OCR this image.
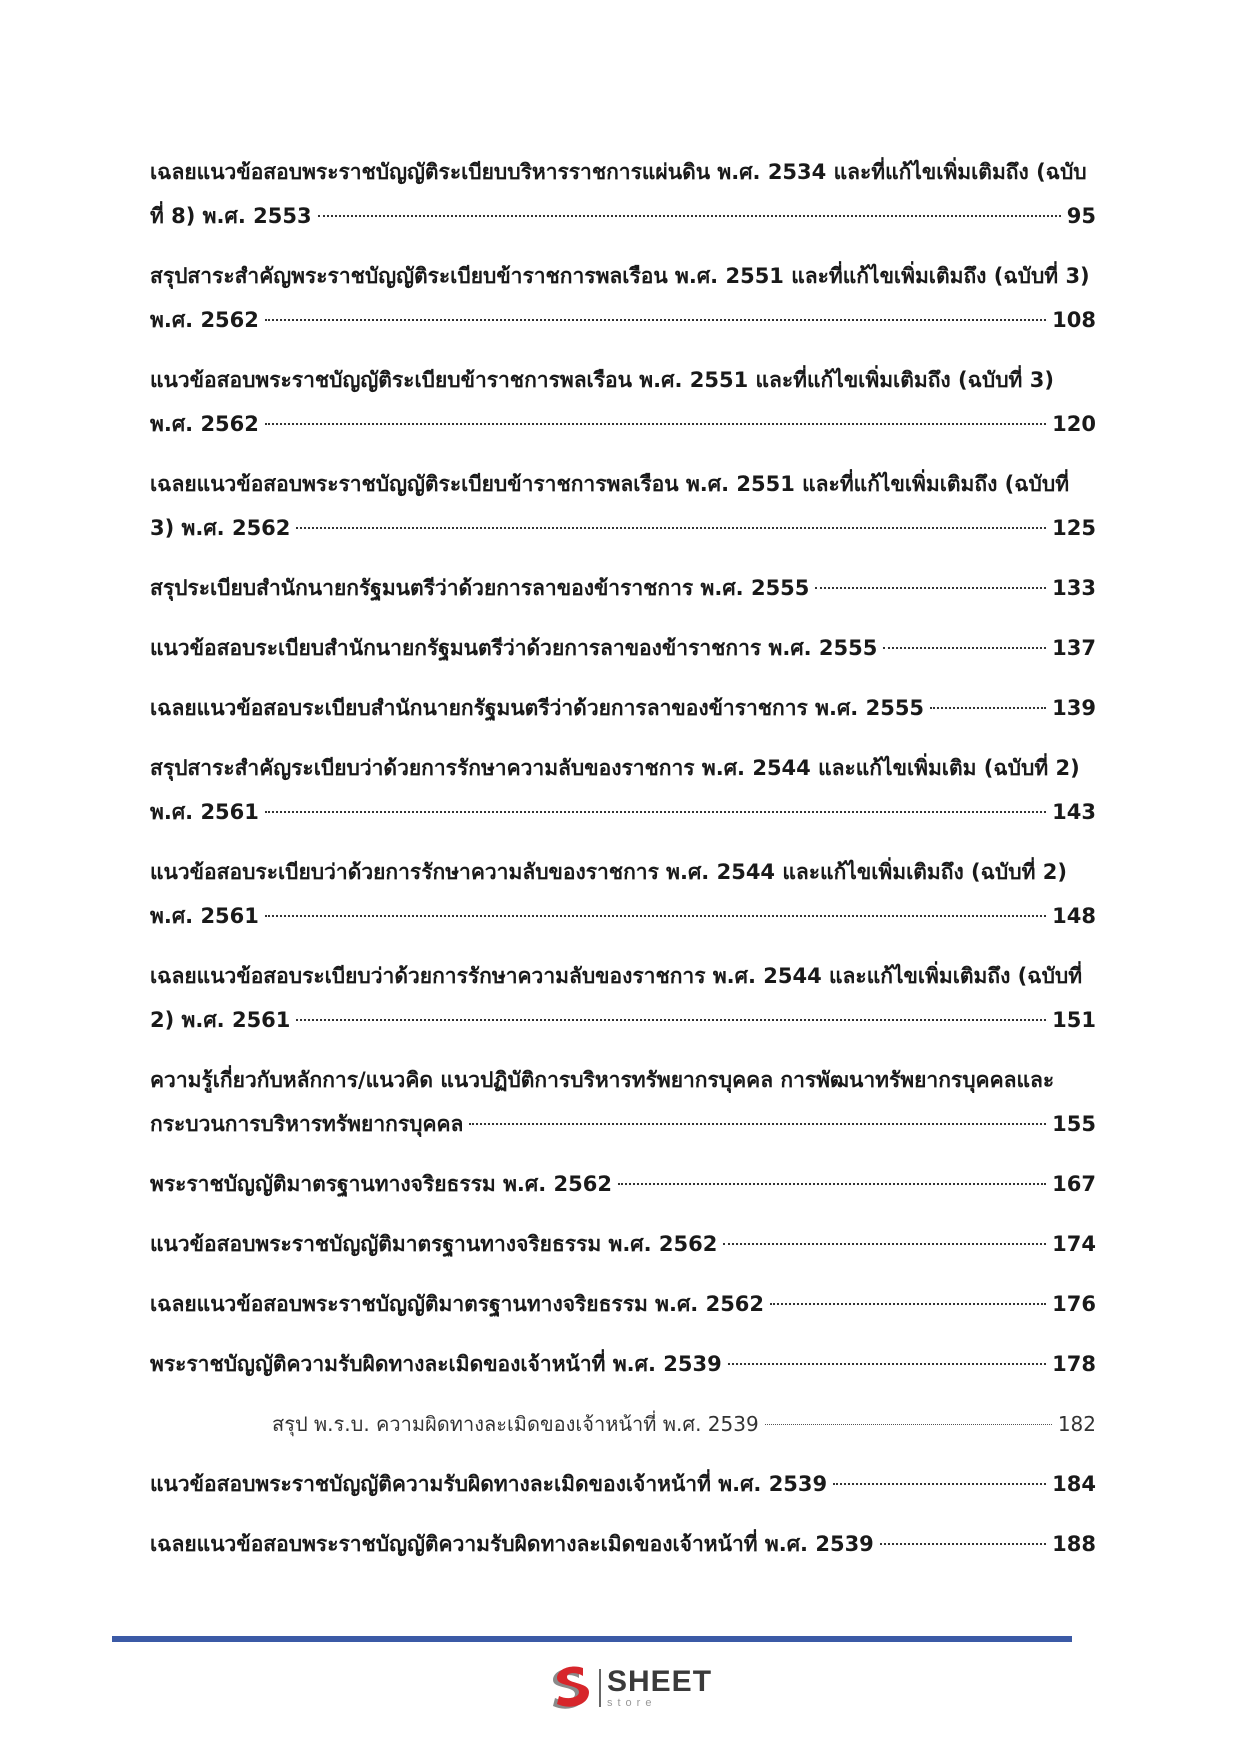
เฉลยแนวข้อสอบพระราชบัญญัติระเบียบบริหารราชการแผ่นดิน พ.ศ. 2534 และที่แก้ไขเพิ่มเติมถึง (ฉบับ
ที่ 8) พ.ศ. 2553	95
สรุปสาระสำคัญพระราชบัญญัติระเบียบข้าราชการพลเรือน พ.ศ. 2551 และที่แก้ไขเพิ่มเติมถึง (ฉบับที่ 3)
พ.ศ. 2562	108
แนวข้อสอบพระราชบัญญัติระเบียบข้าราชการพลเรือน พ.ศ. 2551 และที่แก้ไขเพิ่มเติมถึง (ฉบับที่ 3)
พ.ศ. 2562	120
เฉลยแนวข้อสอบพระราชบัญญัติระเบียบข้าราชการพลเรือน พ.ศ. 2551 และที่แก้ไขเพิ่มเติมถึง (ฉบับที่
3) พ.ศ. 2562	125
สรุประเบียบสำนักนายกรัฐมนตรีว่าด้วยการลาของข้าราชการ พ.ศ. 2555	133
แนวข้อสอบระเบียบสำนักนายกรัฐมนตรีว่าด้วยการลาของข้าราชการ พ.ศ. 2555	137
เฉลยแนวข้อสอบระเบียบสำนักนายกรัฐมนตรีว่าด้วยการลาของข้าราชการ พ.ศ. 2555	139
สรุปสาระสำคัญระเบียบว่าด้วยการรักษาความลับของราชการ พ.ศ. 2544 และแก้ไขเพิ่มเติม (ฉบับที่ 2)
พ.ศ. 2561	143
แนวข้อสอบระเบียบว่าด้วยการรักษาความลับของราชการ พ.ศ. 2544 และแก้ไขเพิ่มเติมถึง (ฉบับที่ 2)
พ.ศ. 2561	148
เฉลยแนวข้อสอบระเบียบว่าด้วยการรักษาความลับของราชการ พ.ศ. 2544 และแก้ไขเพิ่มเติมถึง (ฉบับที่
2) พ.ศ. 2561	151
ความรู้เกี่ยวกับหลักการ/แนวคิด แนวปฏิบัติการบริหารทรัพยากรบุคคล การพัฒนาทรัพยากรบุคคลและ
กระบวนการบริหารทรัพยากรบุคคล	155
พระราชบัญญัติมาตรฐานทางจริยธรรม พ.ศ. 2562	167
แนวข้อสอบพระราชบัญญัติมาตรฐานทางจริยธรรม พ.ศ. 2562	174
เฉลยแนวข้อสอบพระราชบัญญัติมาตรฐานทางจริยธรรม พ.ศ. 2562	176
พระราชบัญญัติความรับผิดทางละเมิดของเจ้าหน้าที่ พ.ศ. 2539	178
สรุป พ.ร.บ. ความผิดทางละเมิดของเจ้าหน้าที่ พ.ศ. 2539	182
แนวข้อสอบพระราชบัญญัติความรับผิดทางละเมิดของเจ้าหน้าที่ พ.ศ. 2539	184
เฉลยแนวข้อสอบพระราชบัญญัติความรับผิดทางละเมิดของเจ้าหน้าที่ พ.ศ. 2539	188
SHEET
store
